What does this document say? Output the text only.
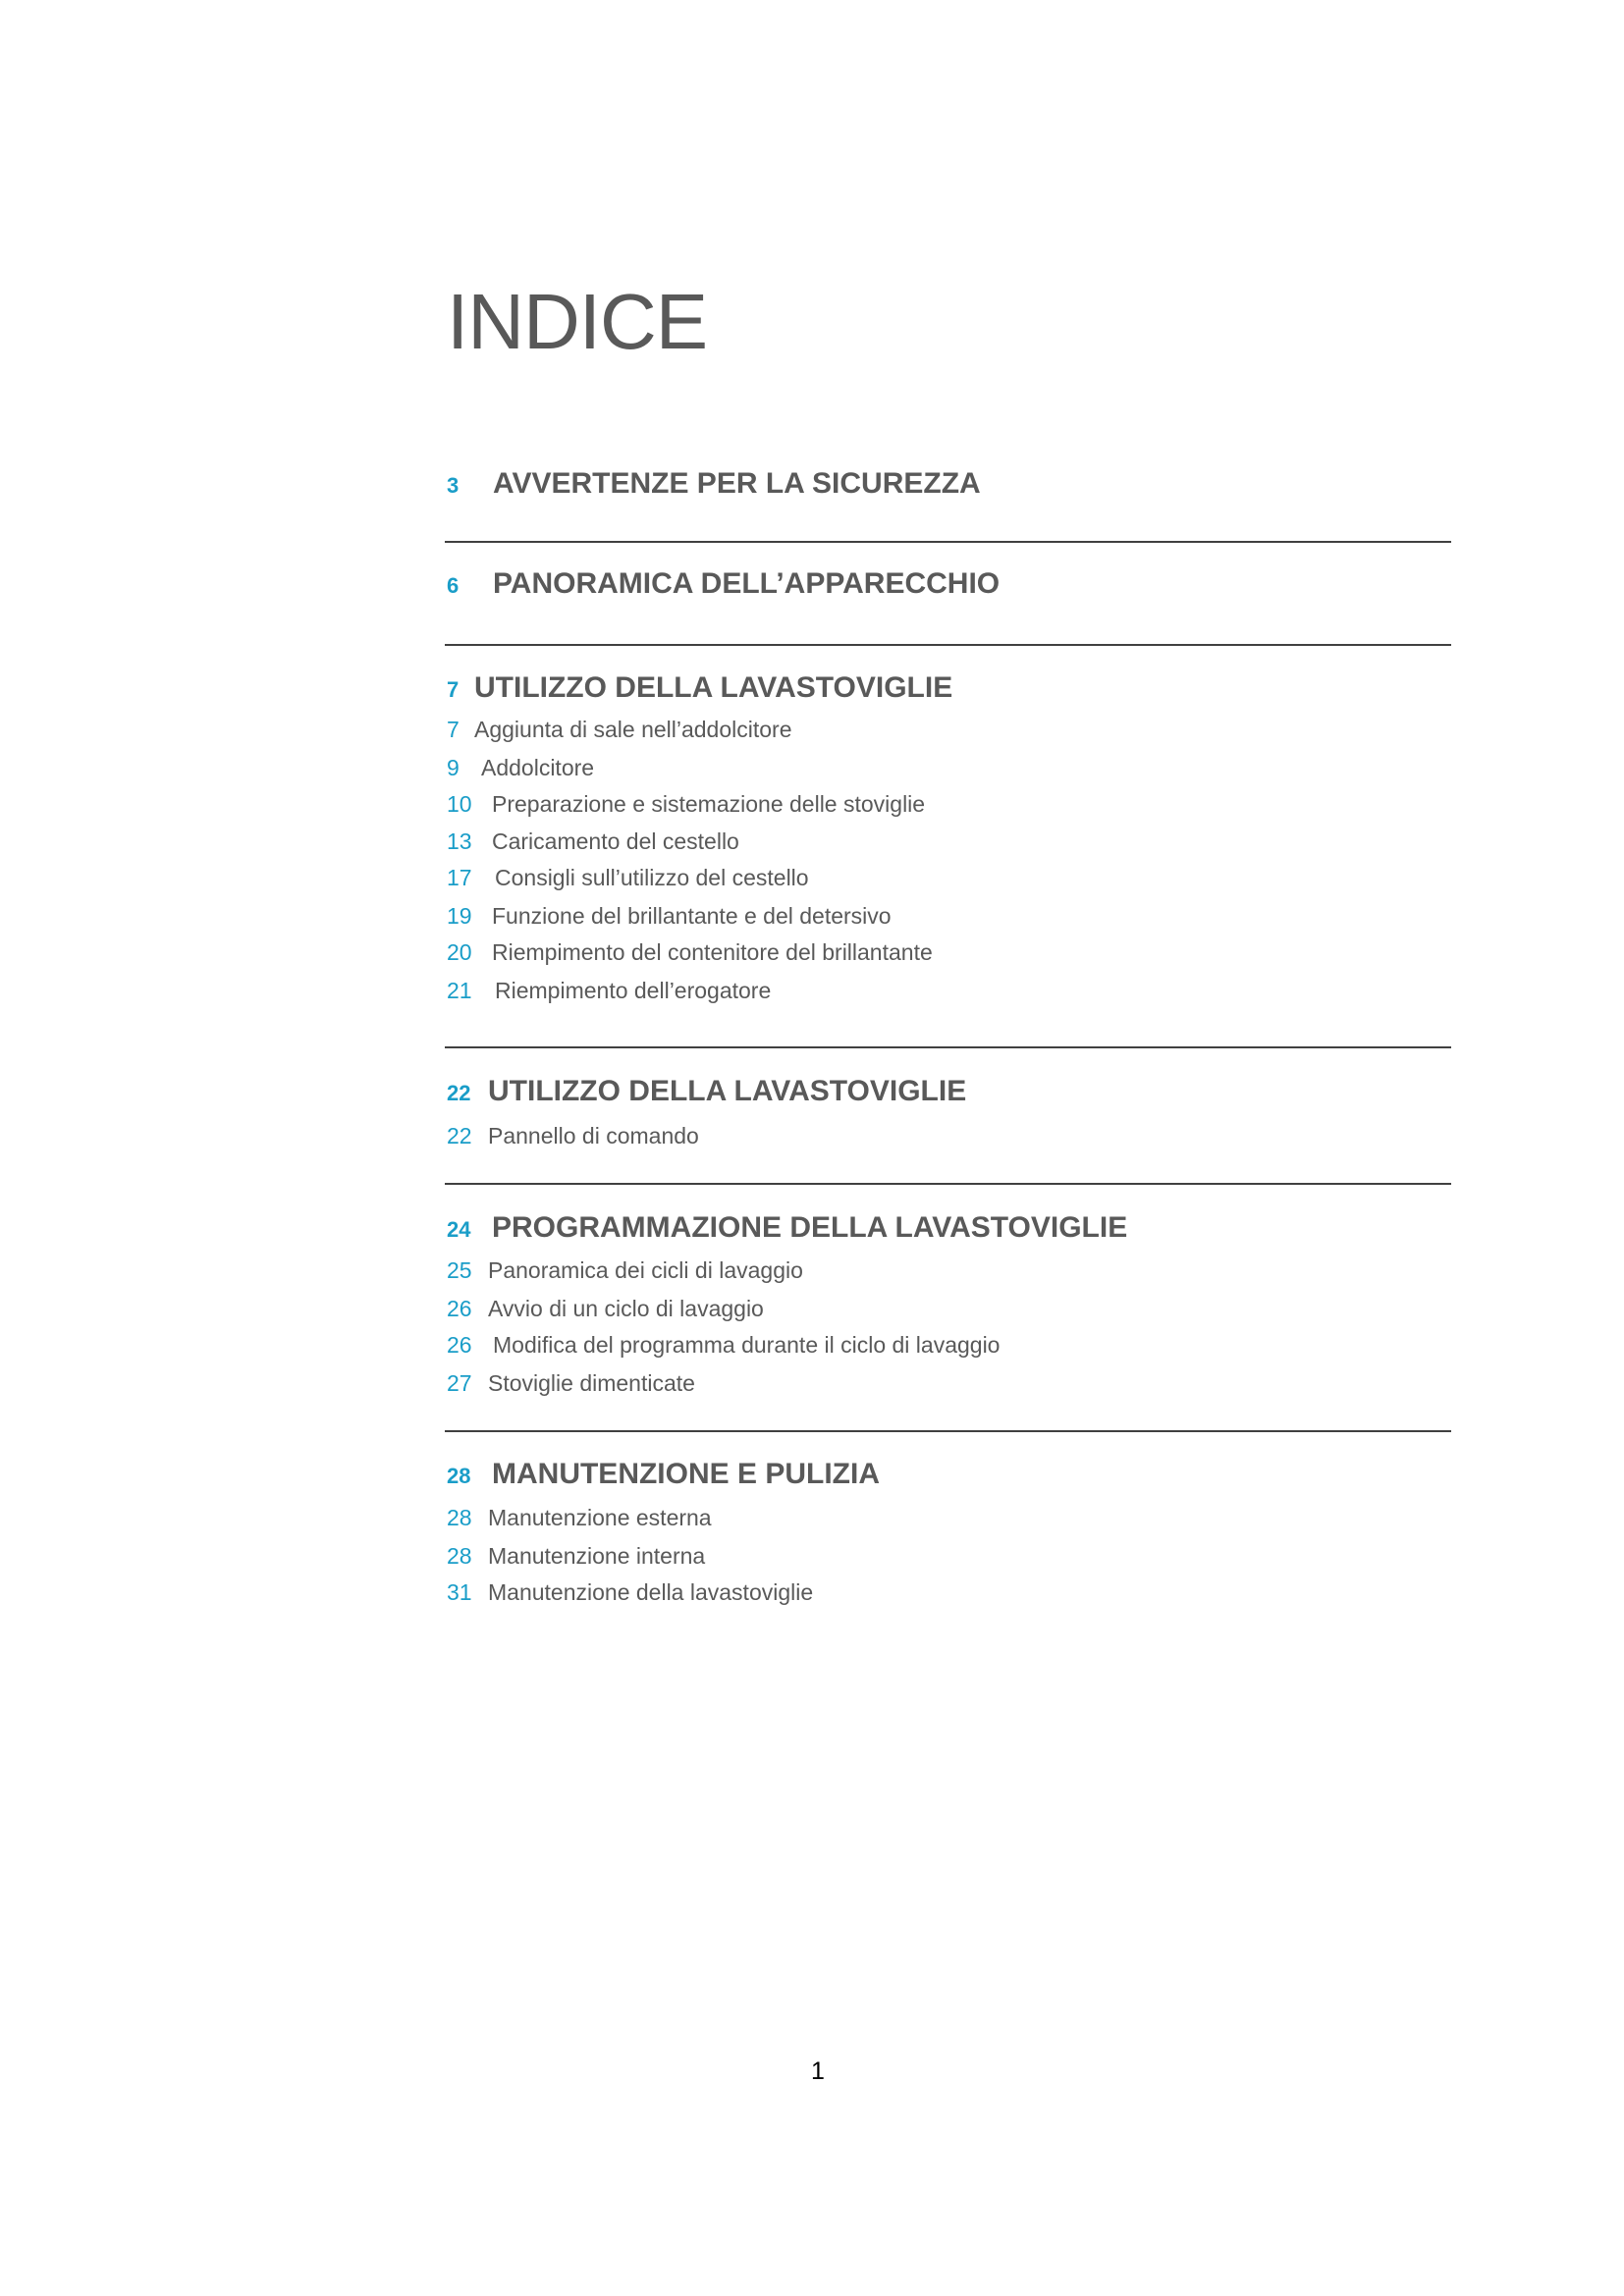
INDICE
3 AVVERTENZE PER LA SICUREZZA
6 PANORAMICA DELL’APPARECCHIO
7 UTILIZZO DELLA LAVASTOVIGLIE
7 Aggiunta di sale nell’addolcitore
9 Addolcitore
10 Preparazione e sistemazione delle stoviglie
13 Caricamento del cestello
17 Consigli sull’utilizzo del cestello
19 Funzione del brillantante e del detersivo
20 Riempimento del contenitore del brillantante
21 Riempimento dell’erogatore
22 UTILIZZO DELLA LAVASTOVIGLIE
22 Pannello di comando
24 PROGRAMMAZIONE DELLA LAVASTOVIGLIE
25 Panoramica dei cicli di lavaggio
26 Avvio di un ciclo di lavaggio
26 Modifica del programma durante il ciclo di lavaggio
27 Stoviglie dimenticate
28 MANUTENZIONE E PULIZIA
28 Manutenzione esterna
28 Manutenzione interna
31 Manutenzione della lavastoviglie
1
